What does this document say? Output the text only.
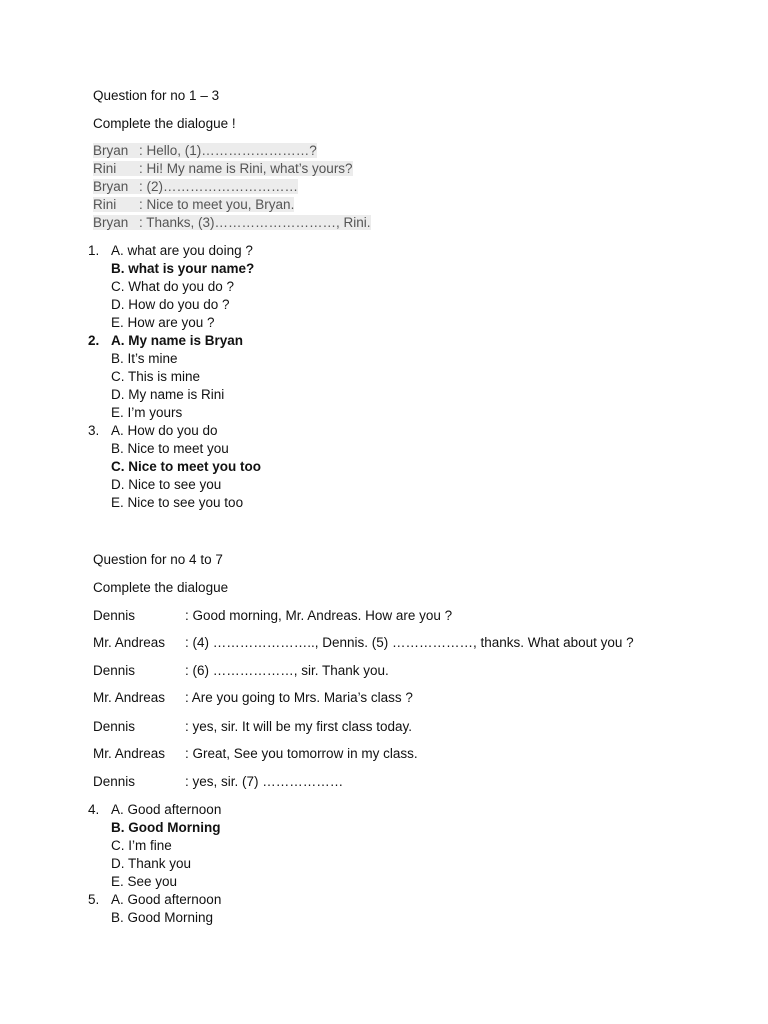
Question for no 1 – 3
Complete the dialogue !
Bryan : Hello, (1)……………………?
Rini : Hi! My name is Rini, what’s yours?
Bryan : (2)…………………………
Rini : Nice to meet you, Bryan.
Bryan : Thanks, (3)………………………, Rini.
1. A. what are you doing ?
B. what is your name?
C. What do you do ?
D. How do you do ?
E. How are you ?
2. A. My name is Bryan
B. It’s mine
C. This is mine
D. My name is Rini
E. I’m yours
3. A. How do you do
B. Nice to meet you
C. Nice to meet you too
D. Nice to see you
E. Nice to see you too
Question for no 4 to 7
Complete the dialogue
Dennis	: Good morning, Mr. Andreas. How are you ?
Mr. Andreas : (4) ………………….., Dennis. (5) ………………, thanks. What about you ?
Dennis	: (6) ………………, sir. Thank you.
Mr. Andreas : Are you going to Mrs. Maria’s class ?
Dennis	: yes, sir. It will be my first class today.
Mr. Andreas : Great, See you tomorrow in my class.
Dennis	: yes, sir. (7) ………………
4. A. Good afternoon
B. Good Morning
C. I’m fine
D. Thank you
E. See you
5. A. Good afternoon
B. Good Morning
